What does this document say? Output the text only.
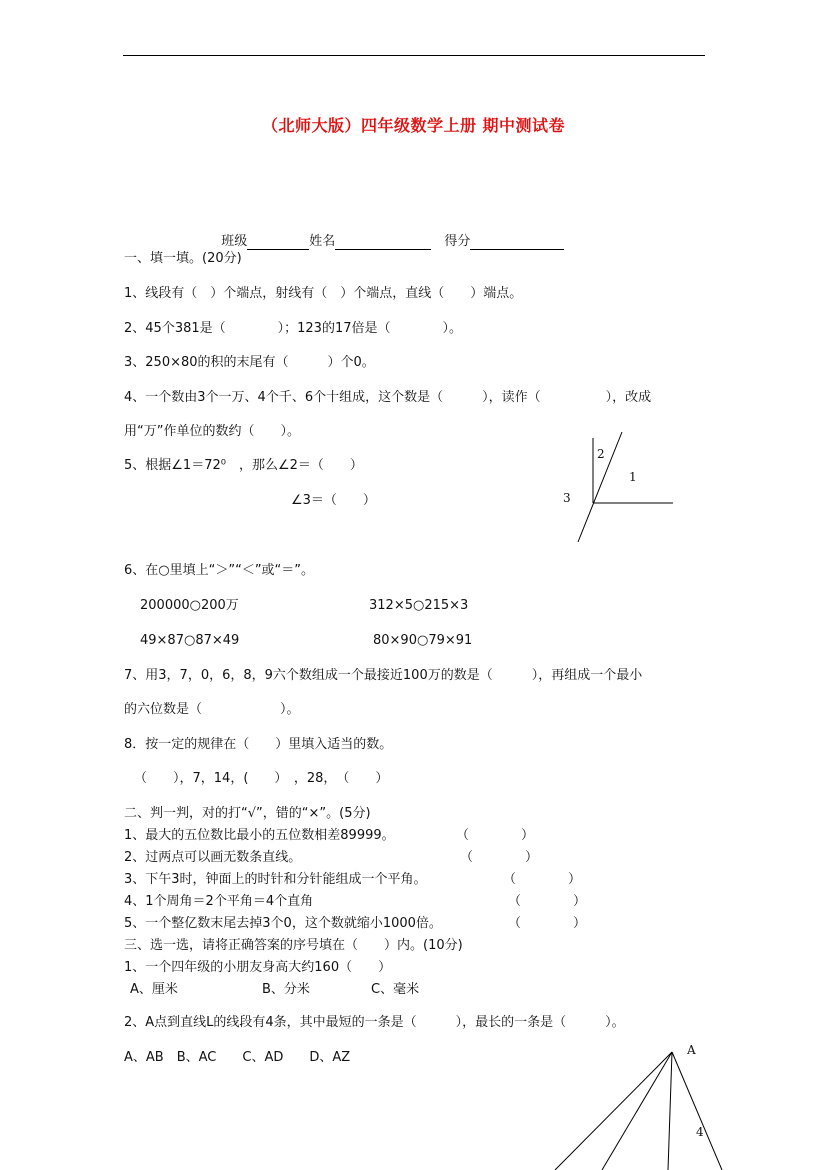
（北师大版）四年级数学上册 期中测试卷

班级	姓名　	得分

一、填一填。(20分)
1、线段有（　）个端点，射线有（　）个端点，直线（　　）端点。
2、45个381是（　　　　）；123的17倍是（　　　　）。
3、250×80的积的末尾有（　　　）个0。
4、一个数由3个一万、4个千、6个十组成，这个数是（　　　），读作（　　　　　），改成
用“万”作单位的数约（　　）。
5、根据∠1＝72⁰　，那么∠2＝（　　）
∠3＝（　　）
2
1
3
6、在○里填上“＞”“＜”或“＝”。
200000○200万	312×5○215×3
49×87○87×49	80×90○79×91
7、用3，7，0，6，8，9六个数组成一个最接近100万的数是（　　　），再组成一个最小
的六位数是（　　　　　　）。
8．按一定的规律在（　　）里填入适当的数。
（　　），7，14，(　　）　，28，　（　　）
二、判一判，对的打“√”，错的“×”。(5分)
1、最大的五位数比最小的五位数相差89999。	（　　　　）
2、过两点可以画无数条直线。	（　　　　）
3、下午3时，钟面上的时针和分针能组成一个平角。	（　　　　）
4、1个周角＝2个平角＝4个直角	（　　　　）
5、一个整亿数末尾去掉3个0，这个数就缩小1000倍。	（　　　　）
三、选一选，请将正确答案的序号填在（　　）内。(10分)
1、一个四年级的小朋友身高大约160（　　）
A、厘米	B、分米	C、毫米
2、A点到直线L的线段有4条，其中最短的一条是（　　　），最长的一条是（　　　）。
A、AB　B、AC　　C、AD　　D、AZ	A
4
